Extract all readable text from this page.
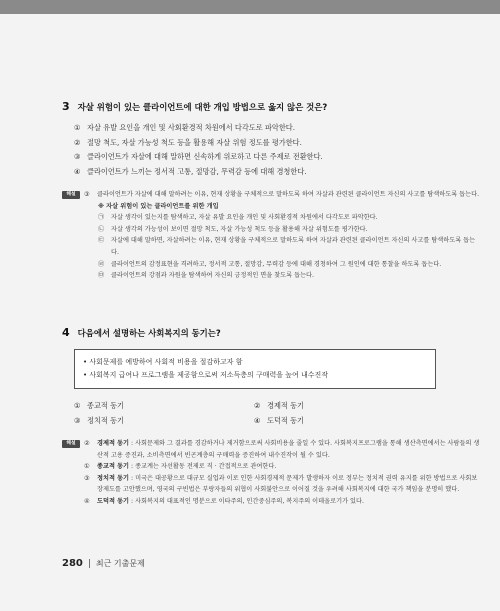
3 자살 위험이 있는 클라이언트에 대한 개입 방법으로 옳지 않은 것은?
① 자살 유발 요인을 개인 및 사회환경적 차원에서 다각도로 파악한다.
② 절망 척도, 자살 가능성 척도 등을 활용해 자살 위험 정도를 평가한다.
③ 클라이언트가 자살에 대해 말하면 신속하게 위로하고 다른 주제로 전환한다.
④ 클라이언트가 느끼는 정서적 고통, 절망감, 무력감 등에 대해 경청한다.
해설	③	클라이언트가 자살에 대해 말하려는 이유, 현재 상황을 구체적으로 말하도록 하여 자살과 관련된 클라이언트 자신의 사고를 탐색하도록 돕는다.
※ 자살 위험이 있는 클라이언트를 위한 개입
㉠	자살 생각이 있는지를 탐색하고, 자살 유발 요인을 개인 및 사회환경적 차원에서 다각도로 파악한다.
㉡	자살 생각의 가능성이 보이면 절망 척도, 자살 가능성 척도 등을 활용해 자살 위험도를 평가한다.
㉢	자살에 대해 말하면, 자살하려는 이유, 현재 상황을 구체적으로 말하도록 하여 자살과 관련된 클라이언트 자신의 사고를 탐색하도록 돕는다.
㉣	클라이언트의 감정표현을 격려하고, 정서적 고통, 절망감, 무력감 등에 대해 경청하여 그 원인에 대한 통찰을 하도록 돕는다.
㉤	클라이언트의 강점과 자원을 탐색하여 자신의 긍정적인 면을 찾도록 돕는다.
4 다음에서 설명하는 사회복지의 동기는?
• 사회문제를 예방하여 사회적 비용을 절감하고자 함
• 사회복지 급여나 프로그램을 제공함으로써 저소득층의 구매력을 높여 내수진작
① 종교적 동기	② 경제적 동기
③ 정치적 동기	④ 도덕적 동기
해설	②	경제적 동기 : 사회문제와 그 결과를 경감하거나 제거함으로써 사회비용을 줄일 수 있다. 사회복지프로그램을 통해 생산측면에서는 사람들의 생산적 고용 증진과, 소비측면에서 빈곤계층의 구매력을 증진하여 내수진작이 될 수 있다.
①	종교적 동기 : 종교계는 자선활동 전제로 직 · 간접적으로 관여한다.
③	정치적 동기 : 미국은 대공황으로 대규모 실업과 이로 인한 사회경제적 문제가 발생하자 이로 정부는 정치적 권력 유지를 위한 방법으로 사회보장제도를 고안했으며, 영국의 구빈법은 부랑자들의 위협이 사회불안으로 이어질 것을 우려해 사회복지에 대한 국가 책임을 분명히 했다.
④	도덕적 동기 : 사회복지의 대표적인 명분으로 이타주의, 인간중심주의, 복지주의 이데올로기가 있다.
280 최근 기출문제
